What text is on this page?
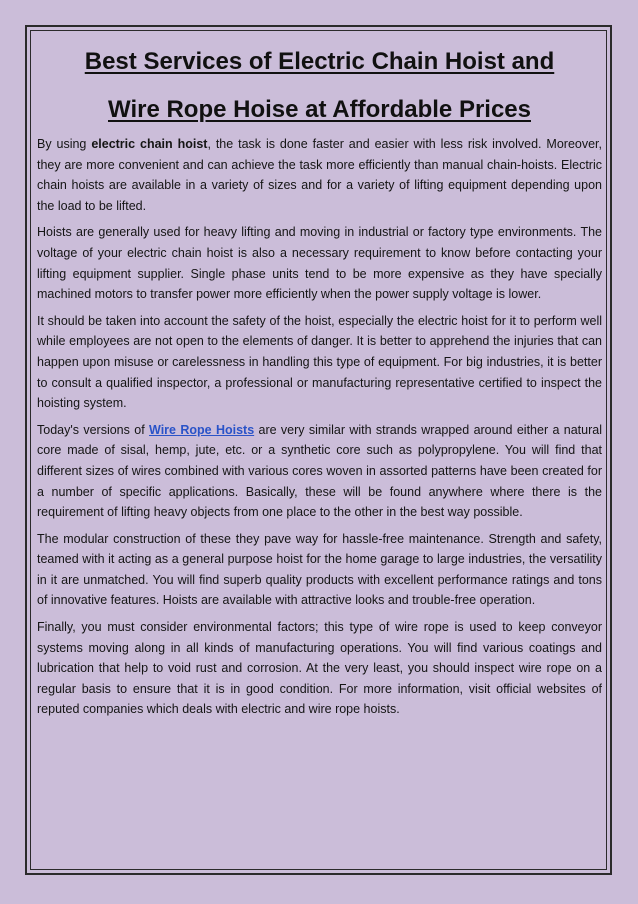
Best Services of Electric Chain Hoist and
Wire Rope Hoise at Affordable Prices

By using electric chain hoist, the task is done faster and easier with less risk involved. Moreover, they are more convenient and can achieve the task more efficiently than manual chain-hoists. Electric chain hoists are available in a variety of sizes and for a variety of lifting equipment depending upon the load to be lifted.

Hoists are generally used for heavy lifting and moving in industrial or factory type environments. The voltage of your electric chain hoist is also a necessary requirement to know before contacting your lifting equipment supplier. Single phase units tend to be more expensive as they have specially machined motors to transfer power more efficiently when the power supply voltage is lower.

It should be taken into account the safety of the hoist, especially the electric hoist for it to perform well while employees are not open to the elements of danger. It is better to apprehend the injuries that can happen upon misuse or carelessness in handling this type of equipment. For big industries, it is better to consult a qualified inspector, a professional or manufacturing representative certified to inspect the hoisting system.

Today's versions of Wire Rope Hoists are very similar with strands wrapped around either a natural core made of sisal, hemp, jute, etc. or a synthetic core such as polypropylene. You will find that different sizes of wires combined with various cores woven in assorted patterns have been created for a number of specific applications. Basically, these will be found anywhere where there is the requirement of lifting heavy objects from one place to the other in the best way possible.

The modular construction of these they pave way for hassle-free maintenance. Strength and safety, teamed with it acting as a general purpose hoist for the home garage to large industries, the versatility in it are unmatched. You will find superb quality products with excellent performance ratings and tons of innovative features. Hoists are available with attractive looks and trouble-free operation.

Finally, you must consider environmental factors; this type of wire rope is used to keep conveyor systems moving along in all kinds of manufacturing operations. You will find various coatings and lubrication that help to void rust and corrosion. At the very least, you should inspect wire rope on a regular basis to ensure that it is in good condition. For more information, visit official websites of reputed companies which deals with electric and wire rope hoists.
